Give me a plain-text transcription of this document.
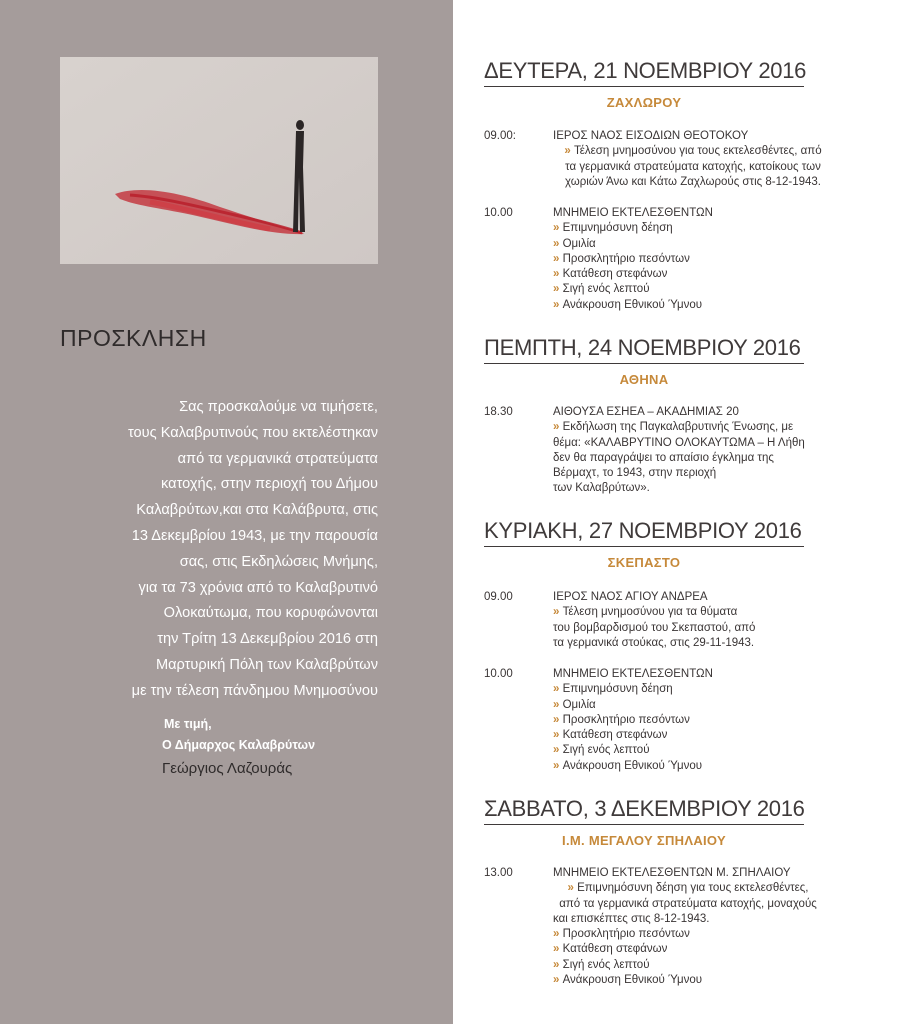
ΠΡΟΣΚΛΗΣΗ
Σας προσκαλούμε να τιμήσετε,
τους Καλαβρυτινούς που εκτελέστηκαν
από τα γερμανικά στρατεύματα
κατοχής, στην περιοχή του Δήμου
Καλαβρύτων,και στα Καλάβρυτα, στις
13 Δεκεμβρίου 1943, με την παρουσία
σας, στις Εκδηλώσεις Μνήμης,
για τα 73 χρόνια από το Καλαβρυτινό
Ολοκαύτωμα, που κορυφώνονται
την Τρίτη 13 Δεκεμβρίου 2016 στη
Μαρτυρική Πόλη των Καλαβρύτων
με την τέλεση πάνδημου Μνημοσύνου
Με τιμή,
Ο Δήμαρχος Καλαβρύτων
Γεώργιος Λαζουράς
ΔΕΥΤΕΡΑ, 21 ΝΟΕΜΒΡΙΟΥ 2016
ΖΑΧΛΩΡΟΥ
09.00:	ΙΕΡΟΣ ΝΑΟΣ ΕΙΣΟΔΙΩΝ ΘΕΟΤΟΚΟΥ
» Τέλεση μνημοσύνου για τους εκτελεσθέντες, από
τα γερμανικά στρατεύματα κατοχής, κατοίκους των
χωριών Άνω και Κάτω Ζαχλωρούς στις 8-12-1943.
10.00	ΜΝΗΜΕΙΟ ΕΚΤΕΛΕΣΘΕΝΤΩΝ
» Επιμνημόσυνη δέηση
» Ομιλία
» Προσκλητήριο πεσόντων
» Κατάθεση στεφάνων
» Σιγή ενός λεπτού
» Ανάκρουση Εθνικού Ύμνου
ΠΕΜΠΤΗ, 24 ΝΟΕΜΒΡΙΟΥ 2016
ΑΘΗΝΑ
18.30	ΑΙΘΟΥΣΑ ΕΣΗΕΑ – ΑΚΑΔΗΜΙΑΣ 20
» Εκδήλωση της Παγκαλαβρυτινής Ένωσης, με
θέμα: «ΚΑΛΑΒΡΥΤΙΝΟ ΟΛΟΚΑΥΤΩΜΑ – Η Λήθη
δεν θα παραγράψει το απαίσιο έγκλημα της
Βέρμαχτ, το 1943, στην περιοχή
των Καλαβρύτων».
ΚΥΡΙΑΚΗ, 27 ΝΟΕΜΒΡΙΟΥ 2016
ΣΚΕΠΑΣΤΟ
09.00	ΙΕΡΟΣ ΝΑΟΣ ΑΓΙΟΥ ΑΝΔΡΕΑ
» Τέλεση μνημοσύνου για τα θύματα
του βομβαρδισμού του Σκεπαστού, από
τα γερμανικά στούκας, στις 29-11-1943.
10.00	ΜΝΗΜΕΙΟ ΕΚΤΕΛΕΣΘΕΝΤΩΝ
» Επιμνημόσυνη δέηση
» Ομιλία
» Προσκλητήριο πεσόντων
» Κατάθεση στεφάνων
» Σιγή ενός λεπτού
» Ανάκρουση Εθνικού Ύμνου
ΣΑΒΒΑΤΟ, 3 ΔΕΚΕΜΒΡΙΟΥ 2016
Ι.Μ. ΜΕΓΑΛΟΥ ΣΠΗΛΑΙΟΥ
13.00	ΜΝΗΜΕΙΟ ΕΚΤΕΛΕΣΘΕΝΤΩΝ Μ. ΣΠΗΛΑΙΟΥ
» Επιμνημόσυνη δέηση για τους εκτελεσθέντες,
από τα γερμανικά στρατεύματα κατοχής, μοναχούς
και επισκέπτες στις 8-12-1943.
» Προσκλητήριο πεσόντων
» Κατάθεση στεφάνων
» Σιγή ενός λεπτού
» Ανάκρουση Εθνικού Ύμνου
